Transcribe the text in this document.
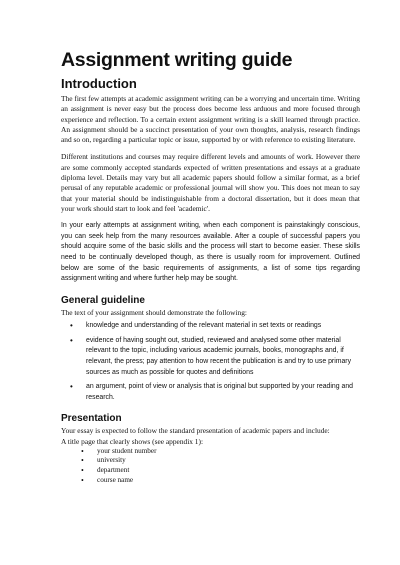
Assignment writing guide
Introduction

The first few attempts at academic assignment writing can be a worrying and uncertain time. Writing an assignment is never easy but the process does become less arduous and more focused through experience and reflection. To a certain extent assignment writing is a skill learned through practice. An assignment should be a succinct presentation of your own thoughts, analysis, research findings and so on, regarding a particular topic or issue, supported by or with reference to existing literature.

Different institutions and courses may require different levels and amounts of work. However there are some commonly accepted standards expected of written presentations and essays at a graduate diploma level. Details may vary but all academic papers should follow a similar format, as a brief perusal of any reputable academic or professional journal will show you. This does not mean to say that your material should be indistinguishable from a doctoral dissertation, but it does mean that your work should start to look and feel 'academic'.

In your early attempts at assignment writing, when each component is painstakingly conscious, you can seek help from the many resources available. After a couple of successful papers you should acquire some of the basic skills and the process will start to become easier. These skills need to be continually developed though, as there is usually room for improvement. Outlined below are some of the basic requirements of assignments, a list of some tips regarding assignment writing and where further help may be sought.

General guideline

The text of your assignment should demonstrate the following:

• knowledge and understanding of the relevant material in set texts or readings
• evidence of having sought out, studied, reviewed and analysed some other material relevant to the topic, including various academic journals, books, monographs and, if relevant, the press; pay attention to how recent the publication is and try to use primary sources as much as possible for quotes and definitions
• an argument, point of view or analysis that is original but supported by your reading and research.
Presentation

Your essay is expected to follow the standard presentation of academic papers and include:

A title page that clearly shows (see appendix 1):

• your student number
• university
• department
• course name
